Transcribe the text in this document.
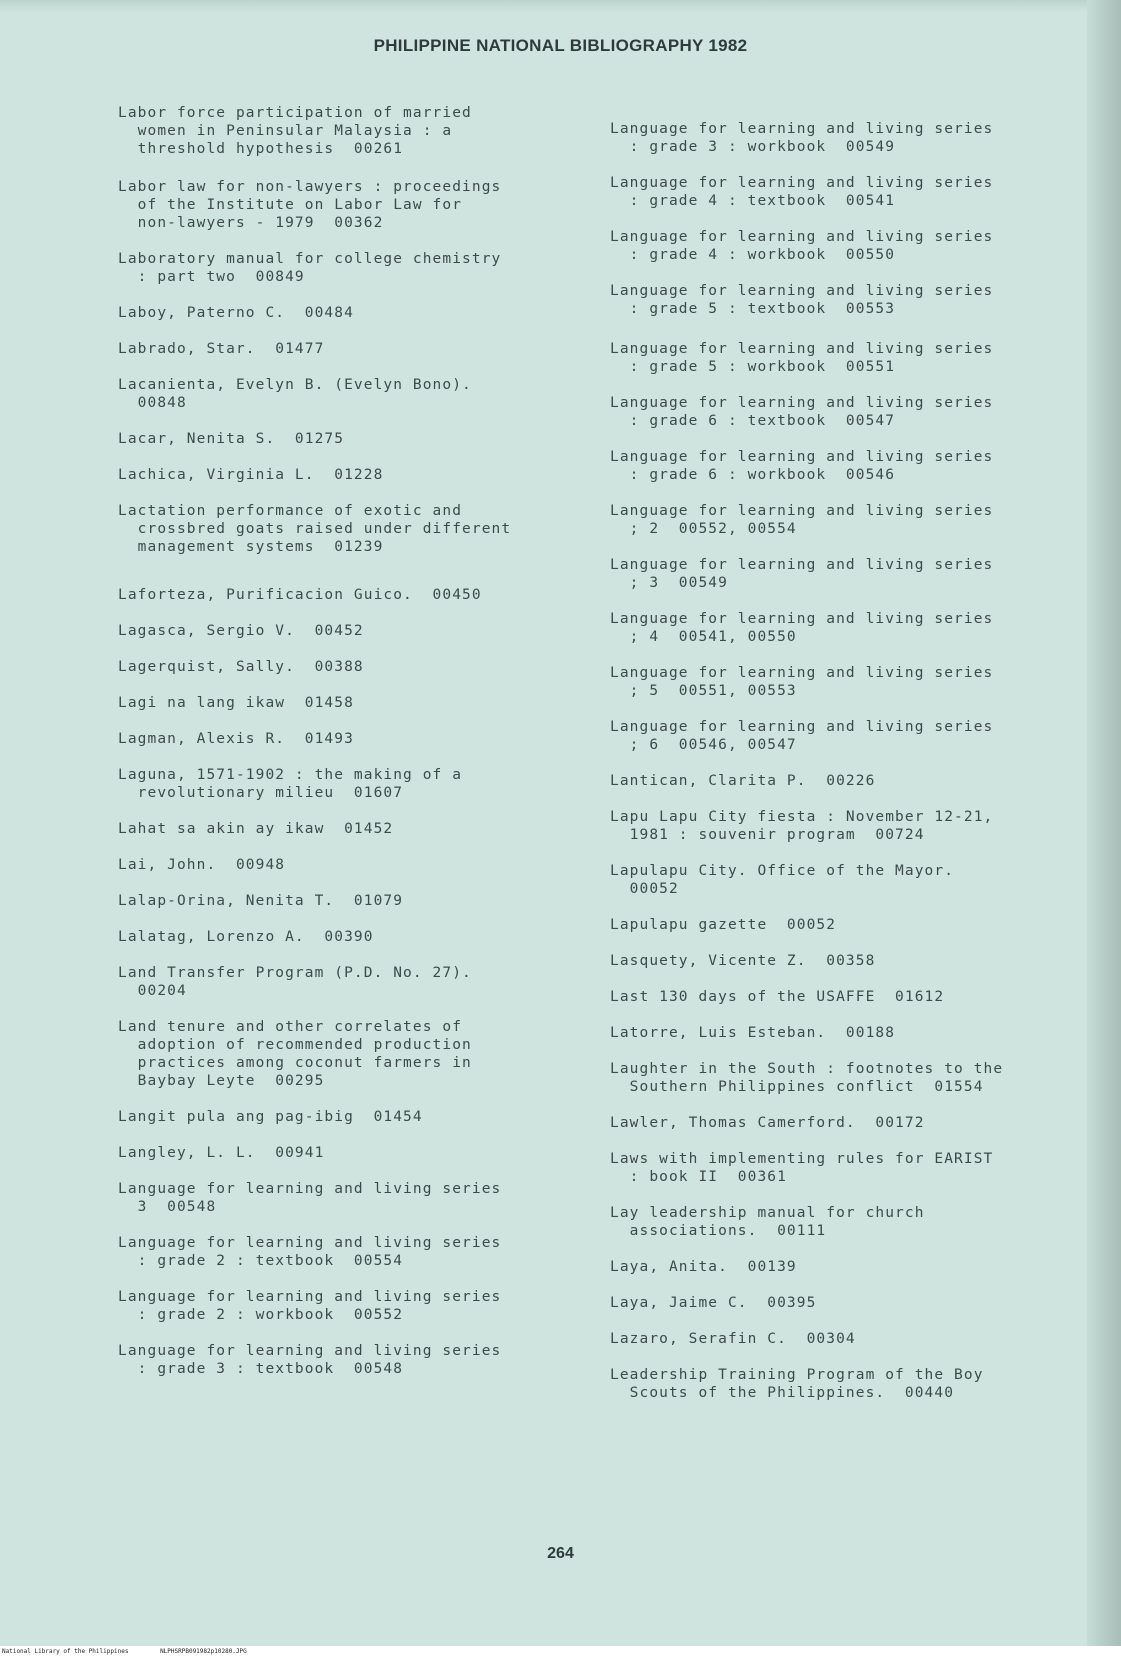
PHILIPPINE NATIONAL BIBLIOGRAPHY 1982
Labor force participation of married
women in Peninsular Malaysia : a
threshold hypothesis  00261
Labor law for non-lawyers : proceedings
of the Institute on Labor Law for
non-lawyers - 1979  00362
Laboratory manual for college chemistry
: part two  00849
Laboy, Paterno C.  00484
Labrado, Star.  01477
Lacanienta, Evelyn B. (Evelyn Bono).
00848
Lacar, Nenita S.  01275
Lachica, Virginia L.  01228
Lactation performance of exotic and
crossbred goats raised under different
management systems  01239
Laforteza, Purificacion Guico.  00450
Lagasca, Sergio V.  00452
Lagerquist, Sally.  00388
Lagi na lang ikaw  01458
Lagman, Alexis R.  01493
Laguna, 1571-1902 : the making of a
revolutionary milieu  01607
Lahat sa akin ay ikaw  01452
Lai, John.  00948
Lalap-Orina, Nenita T.  01079
Lalatag, Lorenzo A.  00390
Land Transfer Program (P.D. No. 27).
00204
Land tenure and other correlates of
adoption of recommended production
practices among coconut farmers in
Baybay Leyte  00295
Langit pula ang pag-ibig  01454
Langley, L. L.  00941
Language for learning and living series
3  00548
Language for learning and living series
: grade 2 : textbook  00554
Language for learning and living series
: grade 2 : workbook  00552
Language for learning and living series
: grade 3 : textbook  00548
Language for learning and living series
: grade 3 : workbook  00549
Language for learning and living series
: grade 4 : textbook  00541
Language for learning and living series
: grade 4 : workbook  00550
Language for learning and living series
: grade 5 : textbook  00553
Language for learning and living series
: grade 5 : workbook  00551
Language for learning and living series
: grade 6 : textbook  00547
Language for learning and living series
: grade 6 : workbook  00546
Language for learning and living series
; 2  00552, 00554
Language for learning and living series
; 3  00549
Language for learning and living series
; 4  00541, 00550
Language for learning and living series
; 5  00551, 00553
Language for learning and living series
; 6  00546, 00547
Lantican, Clarita P.  00226
Lapu Lapu City fiesta : November 12-21,
1981 : souvenir program  00724
Lapulapu City. Office of the Mayor.
00052
Lapulapu gazette  00052
Lasquety, Vicente Z.  00358
Last 130 days of the USAFFE  01612
Latorre, Luis Esteban.  00188
Laughter in the South : footnotes to the
Southern Philippines conflict  01554
Lawler, Thomas Camerford.  00172
Laws with implementing rules for EARIST
: book II  00361
Lay leadership manual for church
associations.  00111
Laya, Anita.  00139
Laya, Jaime C.  00395
Lazaro, Serafin C.  00304
Leadership Training Program of the Boy
Scouts of the Philippines.  00440
264
National Library of the Philippines	NLPHSRPB091982p10280.JPG
